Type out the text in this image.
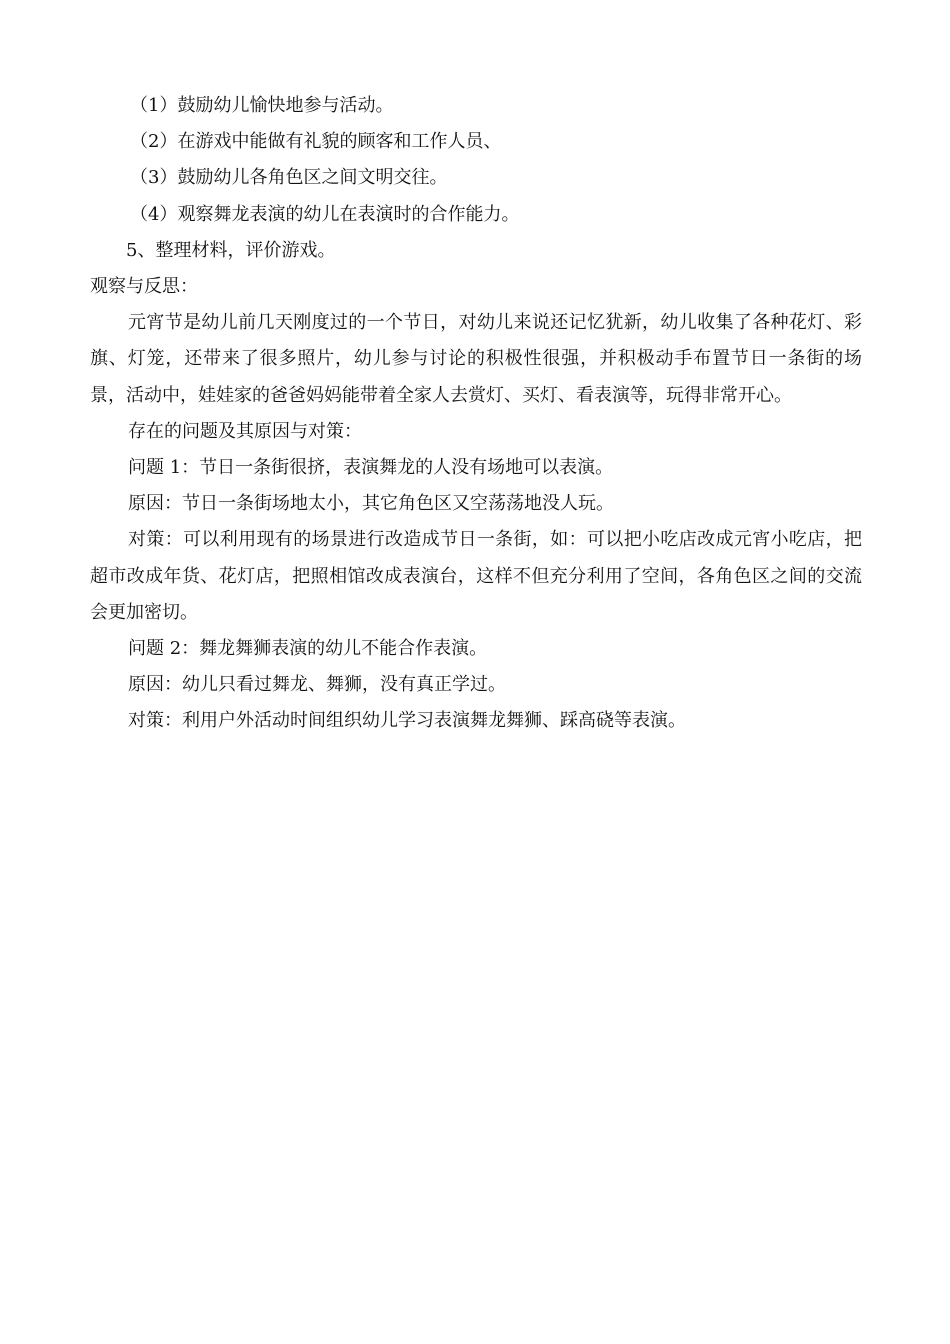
（1）鼓励幼儿愉快地参与活动。

（2）在游戏中能做有礼貌的顾客和工作人员、

（3）鼓励幼儿各角色区之间文明交往。

（4）观察舞龙表演的幼儿在表演时的合作能力。

5、整理材料，评价游戏。

观察与反思：

元宵节是幼儿前几天刚度过的一个节日，对幼儿来说还记忆犹新，幼儿收集了各种花灯、彩旗、灯笼，还带来了很多照片，幼儿参与讨论的积极性很强，并积极动手布置节日一条街的场景，活动中，娃娃家的爸爸妈妈能带着全家人去赏灯、买灯、看表演等，玩得非常开心。

存在的问题及其原因与对策：

问题 1：节日一条街很挤，表演舞龙的人没有场地可以表演。

原因：节日一条街场地太小，其它角色区又空荡荡地没人玩。

对策：可以利用现有的场景进行改造成节日一条街，如：可以把小吃店改成元宵小吃店，把超市改成年货、花灯店，把照相馆改成表演台，这样不但充分利用了空间，各角色区之间的交流会更加密切。

问题 2：舞龙舞狮表演的幼儿不能合作表演。

原因：幼儿只看过舞龙、舞狮，没有真正学过。

对策：利用户外活动时间组织幼儿学习表演舞龙舞狮、踩高硗等表演。
